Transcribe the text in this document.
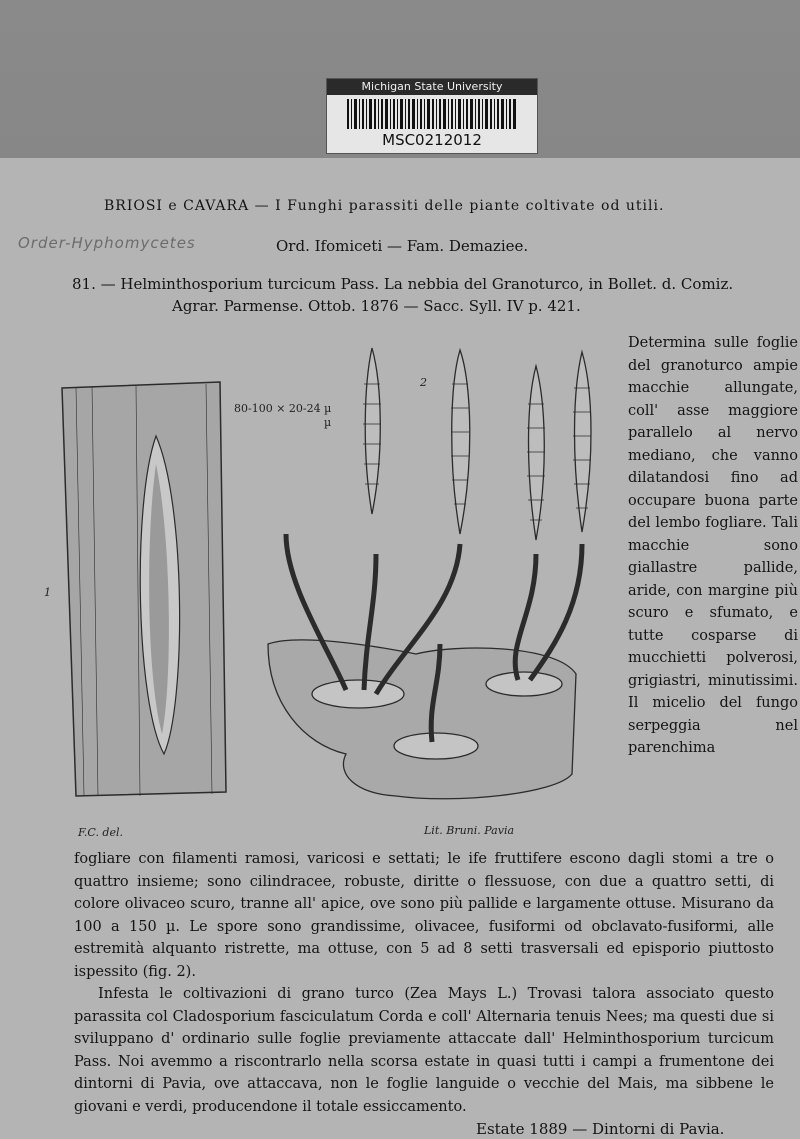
Michigan State University
MSC0212012
BRIOSI e CAVARA — I Funghi parassiti delle piante coltivate od utili.
Order-Hyphomycetes	Ord. Ifomiceti — Fam. Demaziee.
81. — Helminthosporium turcicum Pass. La nebbia del Granoturco, in Bollet. d. Comiz.
Agrar. Parmense. Ottob. 1876 — Sacc. Syll. IV p. 421.
1
2
80-100 × 20-24 µ
µ
F.C. del.	Lit. Bruni. Pavia
Determina sulle foglie del granoturco ampie macchie allungate, coll' asse maggiore parallelo al nervo mediano, che vanno dilatandosi fino ad occupare buona parte del lembo fogliare. Tali macchie sono giallastre pallide, aride, con margine più scuro e sfumato, e tutte cosparse di mucchietti polverosi, grigiastri, minutissimi. Il micelio del fungo serpeggia nel parenchima

fogliare con filamenti ramosi, varicosi e settati; le ife fruttifere escono dagli stomi a tre o quattro insieme; sono cilindracee, robuste, diritte o flessuose, con due a quattro setti, di colore olivaceo scuro, tranne all' apice, ove sono più pallide e largamente ottuse. Misurano da 100 a 150 µ. Le spore sono grandissime, olivacee, fusiformi od obclavato-fusiformi, alle estremità alquanto ristrette, ma ottuse, con 5 ad 8 setti trasversali ed episporio piuttosto ispessito (fig. 2).

Infesta le coltivazioni di grano turco (Zea Mays L.) Trovasi talora associato questo parassita col Cladosporium fasciculatum Corda e coll' Alternaria tenuis Nees; ma questi due si sviluppano d' ordinario sulle foglie previamente attaccate dall' Helminthosporium turcicum Pass. Noi avemmo a riscontrarlo nella scorsa estate in quasi tutti i campi a frumentone dei dintorni di Pavia, ove attaccava, non le foglie languide o vecchie del Mais, ma sibbene le giovani e verdi, producendone il totale essiccamento.

Estate 1889 — Dintorni di Pavia.
